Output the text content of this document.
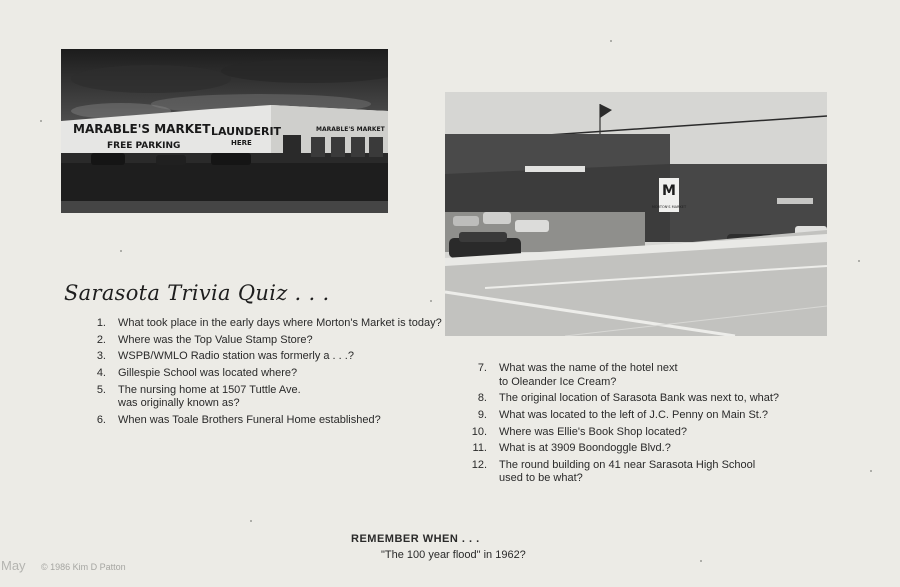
MARABLE'S MARKET
FREE PARKING
LAUNDERIT
HERE
MARABLE'S MARKET
M
MORTON'S MARKET
Sarasota Trivia Quiz . . .
1. What took place in the early days where Morton's Market is today?
2. Where was the Top Value Stamp Store?
3. WSPB/WMLO Radio station was formerly a . . .?
4. Gillespie School was located where?
5. The nursing home at 1507 Tuttle Ave. was originally known as?
6. When was Toale Brothers Funeral Home established?
7. What was the name of the hotel next to Oleander Ice Cream?
8. The original location of Sarasota Bank was next to, what?
9. What was located to the left of J.C. Penny on Main St.?
10. Where was Ellie's Book Shop located?
11. What is at 3909 Boondoggle Blvd.?
12. The round building on 41 near Sarasota High School used to be what?
REMEMBER WHEN . . .
"The 100 year flood" in 1962?
May © 1986 Kim D Patton
